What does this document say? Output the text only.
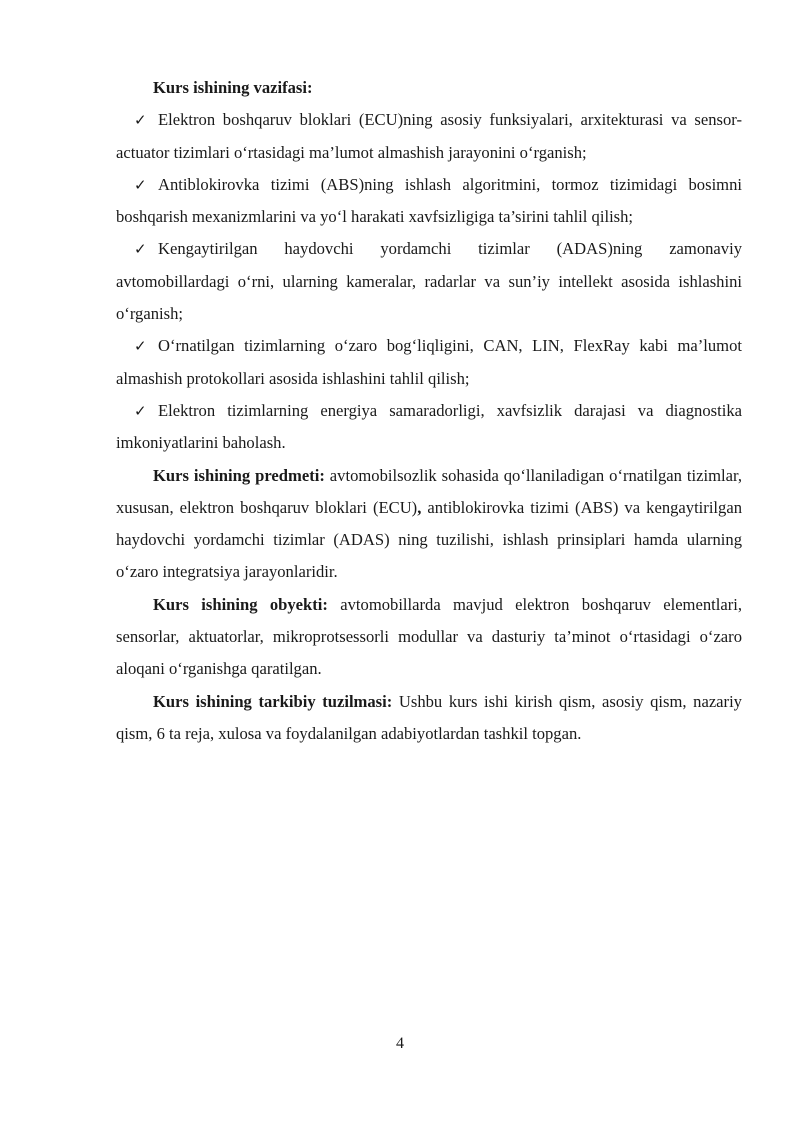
Kurs ishining vazifasi:

✓ Elektron boshqaruv bloklari (ECU)ning asosiy funksiyalari, arxitekturasi va sensor-actuator tizimlari o‘rtasidagi ma’lumot almashish jarayonini o‘rganish;

✓ Antiblokirovka tizimi (ABS)ning ishlash algoritmini, tormoz tizimidagi bosimni boshqarish mexanizmlarini va yo‘l harakati xavfsizligiga ta’sirini tahlil qilish;

✓ Kengaytirilgan haydovchi yordamchi tizimlar (ADAS)ning zamonaviy avtomobillardagi o‘rni, ularning kameralar, radarlar va sun’iy intellekt asosida ishlashini o‘rganish;

✓ O‘rnatilgan tizimlarning o‘zaro bog‘liqligini, CAN, LIN, FlexRay kabi ma’lumot almashish protokollari asosida ishlashini tahlil qilish;

✓ Elektron tizimlarning energiya samaradorligi, xavfsizlik darajasi va diagnostika imkoniyatlarini baholash.

Kurs ishining predmeti: avtomobilsozlik sohasida qo‘llaniladigan o‘rnatilgan tizimlar, xususan, elektron boshqaruv bloklari (ECU), antiblokirovka tizimi (ABS) va kengaytirilgan haydovchi yordamchi tizimlar (ADAS) ning tuzilishi, ishlash prinsiplari hamda ularning o‘zaro integratsiya jarayonlaridir.

Kurs ishining obyekti: avtomobillarda mavjud elektron boshqaruv elementlari, sensorlar, aktuatorlar, mikroprotsessorli modullar va dasturiy ta’minot o‘rtasidagi o‘zaro aloqani o‘rganishga qaratilgan.

Kurs ishining tarkibiy tuzilmasi: Ushbu kurs ishi kirish qism, asosiy qism, nazariy qism, 6 ta reja, xulosa va foydalanilgan adabiyotlardan tashkil topgan.

4
